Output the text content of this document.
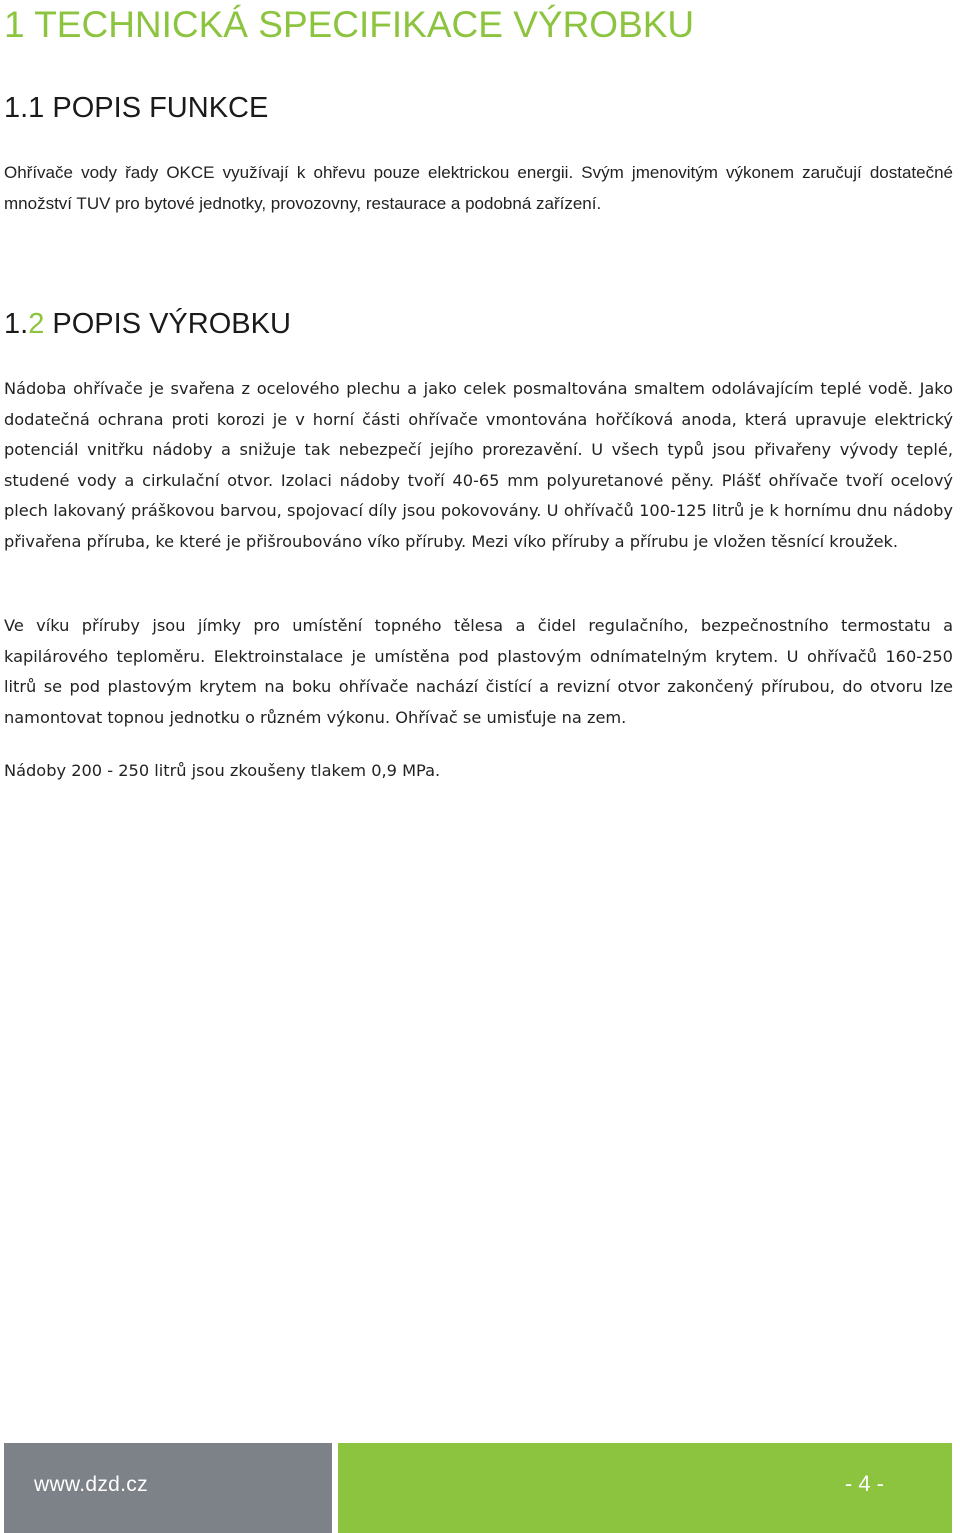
1 TECHNICKÁ SPECIFIKACE VÝROBKU
1.1 POPIS FUNKCE

Ohřívače vody řady OKCE využívají k ohřevu pouze elektrickou energii. Svým jmenovitým výkonem zaručují dostatečné množství TUV pro bytové jednotky, provozovny, restaurace a podobná zařízení.

1.2 POPIS VÝROBKU

Nádoba ohřívače je svařena z ocelového plechu a jako celek posmaltována smaltem odolávajícím teplé vodě. Jako dodatečná ochrana proti korozi je v horní části ohřívače vmontována hořčíková anoda, která upravuje elektrický potenciál vnitřku nádoby a snižuje tak nebezpečí jejího prorezavění. U všech typů jsou přivařeny vývody teplé, studené vody a cirkulační otvor. Izolaci nádoby tvoří 40-65 mm polyuretanové pěny. Plášť ohřívače tvoří ocelový plech lakovaný práškovou barvou, spojovací díly jsou pokovovány. U ohřívačů 100-125 litrů je k hornímu dnu nádoby přivařena příruba, ke které je přišroubováno víko příruby. Mezi víko příruby a přírubu je vložen těsnící kroužek.

Ve víku příruby jsou jímky pro umístění topného tělesa a čidel regulačního, bezpečnostního termostatu a kapilárového teploměru. Elektroinstalace je umístěna pod plastovým odnímatelným krytem. U ohřívačů 160-250 litrů se pod plastovým krytem na boku ohřívače nachází čistící a revizní otvor zakončený přírubou, do otvoru lze namontovat topnou jednotku o různém výkonu. Ohřívač se umisťuje na zem.

Nádoby 200 - 250 litrů jsou zkoušeny tlakem 0,9 MPa.

www.dzd.cz	- 4 -
